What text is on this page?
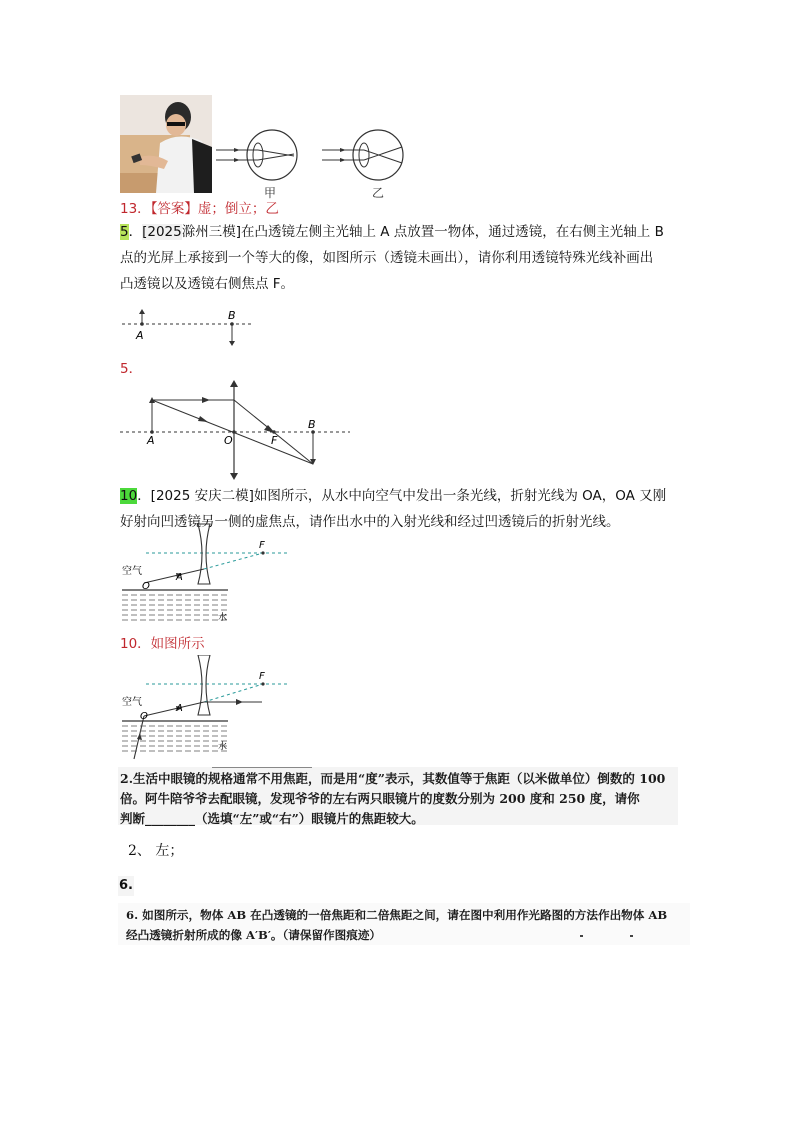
甲	乙
13．【答案】虚；倒立；乙
5．[2025滁州三模]在凸透镜左侧主光轴上 A 点放置一物体，通过透镜，在右侧主光轴上 B
点的光屏上承接到一个等大的像，如图所示（透镜未画出），请你利用透镜特殊光线补画出
凸透镜以及透镜右侧焦点 F。
A
B
5．
A	O	F
B
10．[2025 安庆二模]如图所示，从水中向空气中发出一条光线，折射光线为 OA，OA 又刚
好射向凹透镜另一侧的虚焦点，请作出水中的入射光线和经过凹透镜后的折射光线。
F
空气
O
A
水
10．如图所示
F
空气
O
A
水
2.生活中眼镜的规格通常不用焦距，而是用“度”表示，其数值等于焦距（以米做单位）倒数的 100
倍。阿牛陪爷爷去配眼镜，发现爷爷的左右两只眼镜片的度数分别为 200 度和 250 度，请你
判断________（选填“左”或“右”）眼镜片的焦距较大。
2、 左；
6.
6. 如图所示，物体 AB 在凸透镜的一倍焦距和二倍焦距之间，请在图中利用作光路图的方法作出物体 AB
经凸透镜折射所成的像 A′B′。（请保留作图痕迹）
